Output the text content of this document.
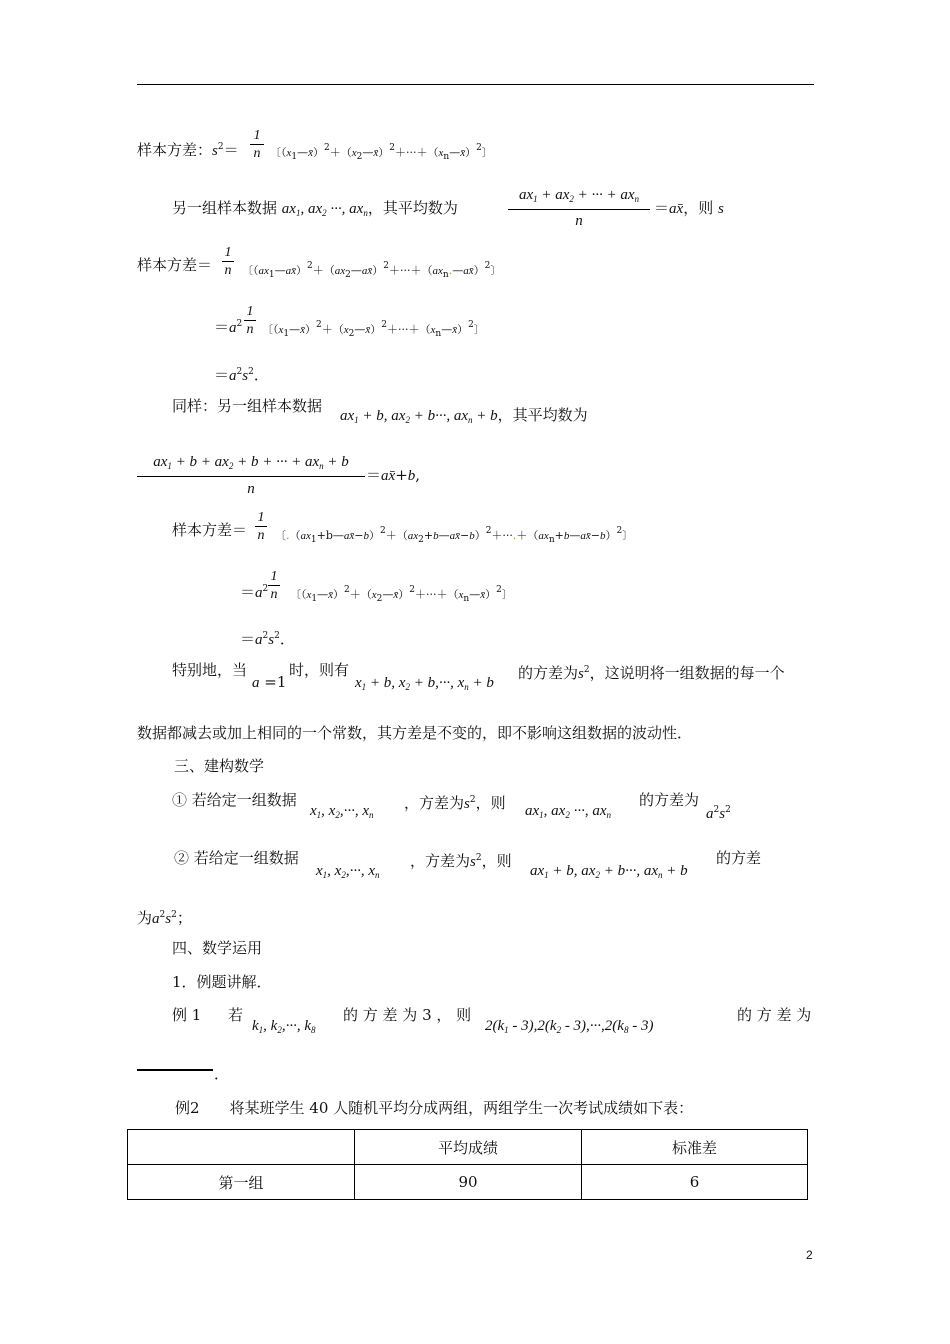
样本方差：$s^2=$
1
n 〔$(x_1—x̄)^2+(x_2—x̄)^2+\cdot\cdot\cdot+(x_n—x̄)^2$〕
另一组样本数据 $ax_1$, $ax_2$ ···, $ax_n$，其平均数为
$ax_1 + ax_2$ + ··· + $ax_n$
n
＝ax̄，则 s
样本方差＝
1
n 〔$(ax_1—ax̄)^2+(ax_2—ax̄)^2+\cdot\cdot\cdot+(ax_n.—ax̄)^2$〕
$=a^2$
1
n 〔$(x_1—x̄)^2+(x_2—x̄)^2+\cdot\cdot\cdot+(x_n—x̄)^2$〕
$=a^2s^2$．
同样：另一组样本数据
$ax_1 + b$, $ax_2 + b\cdot\cdot\cdot$, $ax_n + b$，其平均数为
$ax_1 + b + ax_2 + b$ + ··· + $ax_n + b$
n
＝ax̄+b,
样本方差＝
1
n 〔$.(ax_1+b—ax̄-b)^2+(ax_2+b—ax̄-b)^2+\cdot\cdot\cdot.+(ax_n+b—ax̄-b)^2$〕
$=a^2$
1
n 〔$(x_1—x̄)^2+(x_2—x̄)^2+\cdot\cdot\cdot+(x_n—x̄)^2$〕
$=a^2s^2$．
特别地，当
a =1
时，则有
$x_1 + b$, $x_2 + b,\cdot\cdot\cdot$, $x_n + b$
的方差为$s^2$，这说明将一组数据的每一个
数据都减去或加上相同的一个常数，其方差是不变的，即不影响这组数据的波动性．
三、建构数学
① 若给定一组数据
$x_1$, $x_2,\cdot\cdot\cdot$, $x_n$
，方差为$s^2$，则 $ax_1$, $ax_2$ ···, $ax_n$
的方差为
$a^2s^2$
② 若给定一组数据
$x_1$, $x_2,\cdot\cdot\cdot$, $x_n$
，方差为$s^2$，则
$ax_1 + b$, $ax_2 + b\cdot\cdot\cdot$, $ax_n + b$
的方差
为$a^2s^2$；
四、数学运用
1．例题讲解．
例 1 若
$k_1$, $k_2,\cdot\cdot\cdot$, $k_8$
的 方 差 为 3 ， 则
$2(k_1 - 3),2(k_2 - 3),\cdot\cdot\cdot,2(k_8 - 3)$
的 方 差 为
．
例2　　将某班学生 40 人随机平均分成两组，两组学生一次考试成绩如下表：
	平均成绩	标准差
第一组	90	6
2
